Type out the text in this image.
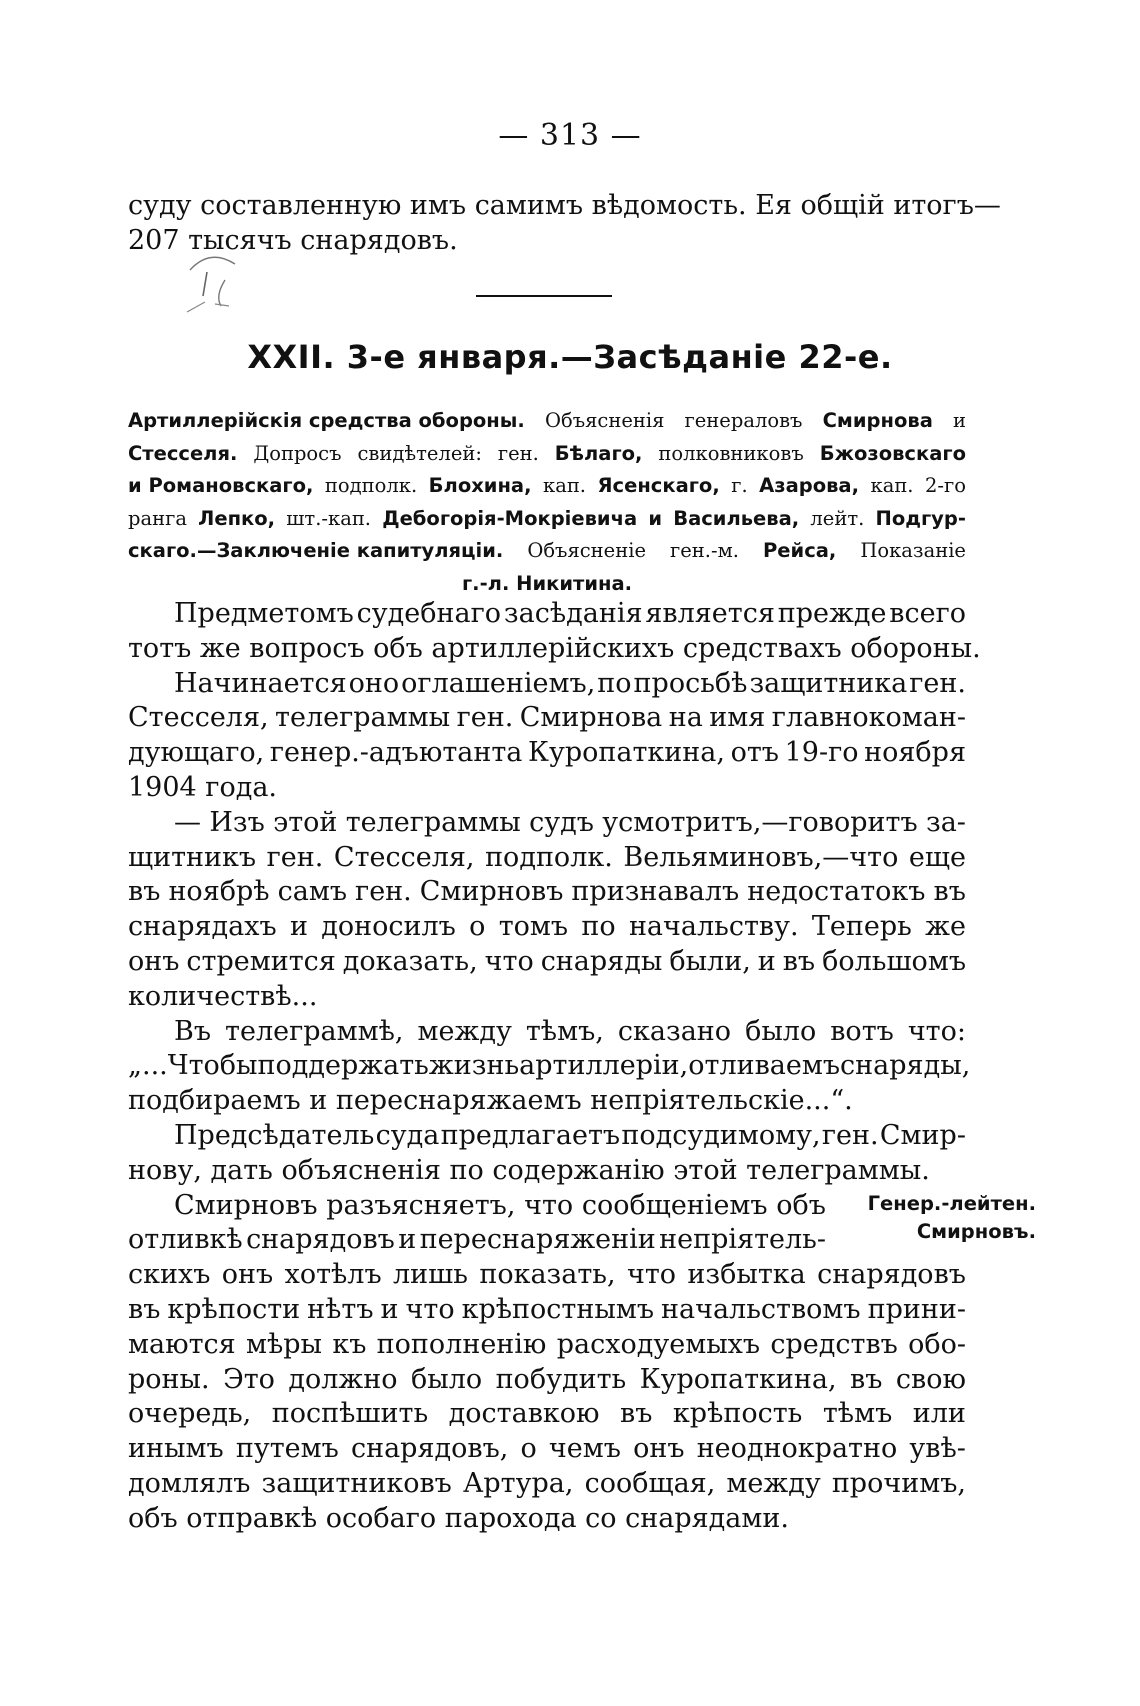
— 313 —
суду составленную имъ самимъ вѣдомость. Ея общій итогъ—
207 тысячъ снарядовъ.
XXII. 3-е января.—Засѣданіе 22-е.
Артиллерійскія средства обороны. Объясненія генераловъ Смирнова и
Стесселя. Допросъ свидѣтелей: ген. Бѣлаго, полковниковъ Бжозовскаго
и Романовскаго, подполк. Блохина, кап. Ясенскаго, г. Азарова, кап. 2-го
ранга Лепко, шт.-кап. Дебогорія-Мокріевича и Васильева, лейт. Подгур-
скаго.—Заключеніе капитуляціи. Объясненіе ген.-м. Рейса, Показаніе
г.-л. Никитина.
Предметомъ судебнаго засѣданія является прежде всего
тотъ же вопросъ объ артиллерійскихъ средствахъ обороны.
Начинается оно оглашеніемъ, по просьбѣ защитника ген.
Стесселя, телеграммы ген. Смирнова на имя главнокоман-
дующаго, генер.-адъютанта Куропаткина, отъ 19-го ноября
1904 года.
— Изъ этой телеграммы судъ усмотритъ,—говоритъ за-
щитникъ ген. Стесселя, подполк. Вельяминовъ,—что еще
въ ноябрѣ самъ ген. Смирновъ признавалъ недостатокъ въ
снарядахъ и доносилъ о томъ по начальству. Теперь же
онъ стремится доказать, что снаряды были, и въ большомъ
количествѣ...
Въ телеграммѣ, между тѣмъ, сказано было вотъ что:
„...Чтобы поддержать жизнь артиллеріи, отливаемъ снаряды,
подбираемъ и переснаряжаемъ непріятельскіе...“.
Предсѣдатель суда предлагаетъ подсудимому, ген. Смир-
нову, дать объясненія по содержанію этой телеграммы.
Смирновъ разъясняетъ, что сообщеніемъ объ
отливкѣ снарядовъ и переснаряженіи непріятель-
скихъ онъ хотѣлъ лишь показать, что избытка снарядовъ
въ крѣпости нѣтъ и что крѣпостнымъ начальствомъ прини-
маются мѣры къ пополненію расходуемыхъ средствъ обо-
роны. Это должно было побудить Куропаткина, въ свою
очередь, поспѣшить доставкою въ крѣпость тѣмъ или
инымъ путемъ снарядовъ, о чемъ онъ неоднократно увѣ-
домлялъ защитниковъ Артура, сообщая, между прочимъ,
объ отправкѣ особаго парохода со снарядами.
Генер.-лейтен.
Смирновъ.
